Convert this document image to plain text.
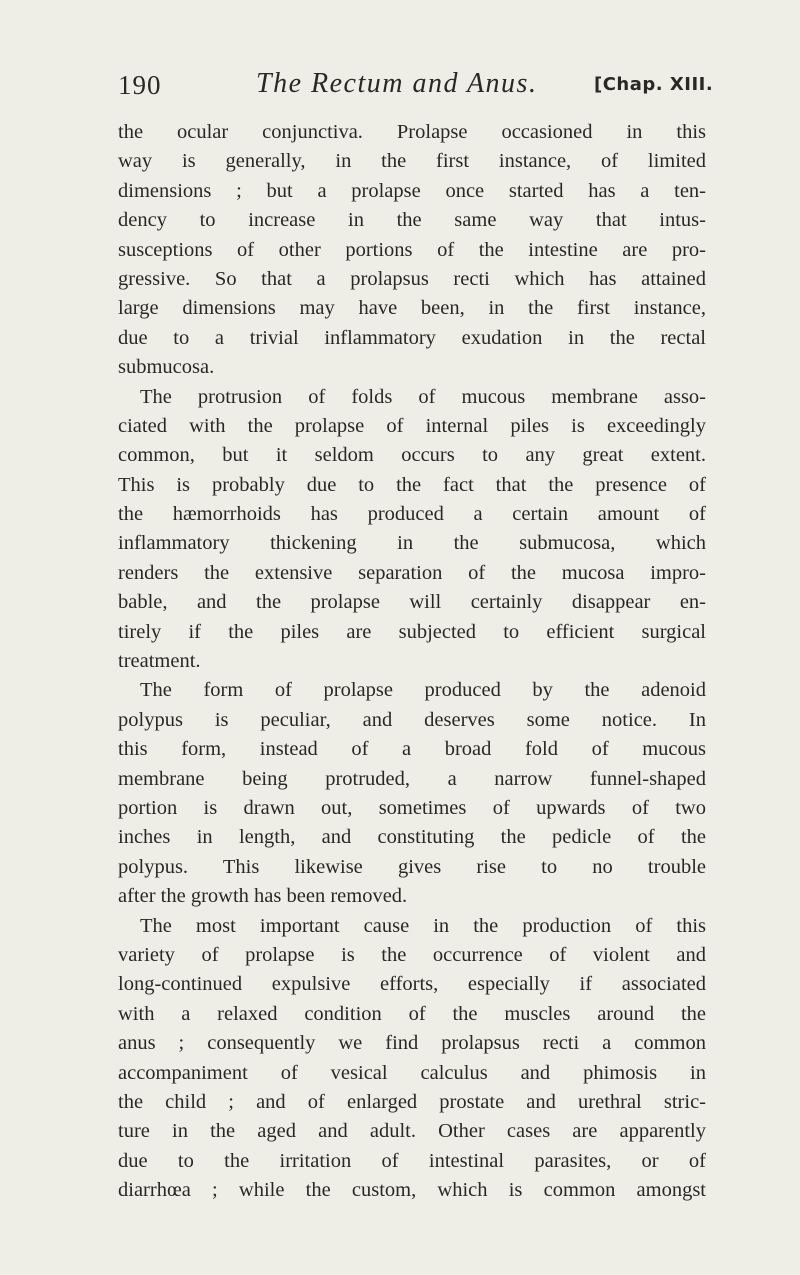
190	The Rectum and Anus.	[Chap. XIII.
the ocular conjunctiva. Prolapse occasioned in this
way is generally, in the first instance, of limited
dimensions ; but a prolapse once started has a ten-
dency to increase in the same way that intus-
susceptions of other portions of the intestine are pro-
gressive. So that a prolapsus recti which has attained
large dimensions may have been, in the first instance,
due to a trivial inflammatory exudation in the rectal
submucosa.
The protrusion of folds of mucous membrane asso-
ciated with the prolapse of internal piles is exceedingly
common, but it seldom occurs to any great extent.
This is probably due to the fact that the presence of
the hæmorrhoids has produced a certain amount of
inflammatory thickening in the submucosa, which
renders the extensive separation of the mucosa impro-
bable, and the prolapse will certainly disappear en-
tirely if the piles are subjected to efficient surgical
treatment.
The form of prolapse produced by the adenoid
polypus is peculiar, and deserves some notice. In
this form, instead of a broad fold of mucous
membrane being protruded, a narrow funnel-shaped
portion is drawn out, sometimes of upwards of two
inches in length, and constituting the pedicle of the
polypus. This likewise gives rise to no trouble
after the growth has been removed.
The most important cause in the production of this
variety of prolapse is the occurrence of violent and
long-continued expulsive efforts, especially if associated
with a relaxed condition of the muscles around the
anus ; consequently we find prolapsus recti a common
accompaniment of vesical calculus and phimosis in
the child ; and of enlarged prostate and urethral stric-
ture in the aged and adult. Other cases are apparently
due to the irritation of intestinal parasites, or of
diarrhœa ; while the custom, which is common amongst
